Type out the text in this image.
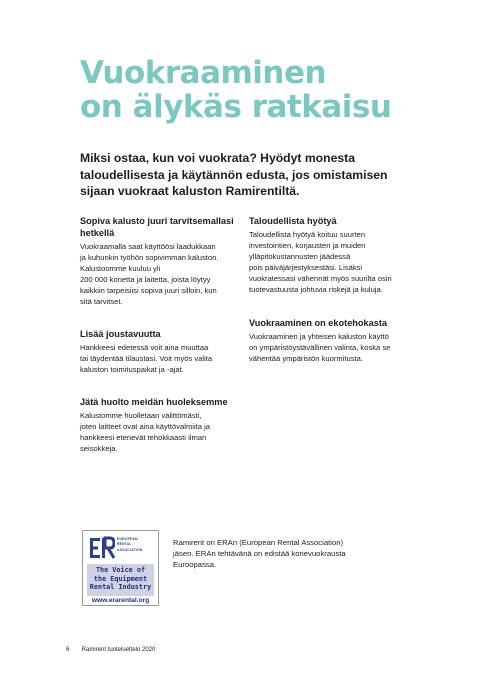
Vuokraaminen
on älykäs ratkaisu

Miksi ostaa, kun voi vuokrata? Hyödyt monesta taloudellisesta ja käytännön edusta, jos omistamisen sijaan vuokraat kaluston Ramirentiltä.

Sopiva kalusto juuri tarvitsemallasi hetkellä

Vuokraamalla saat käyttöösi laadukkaan
ja kuhunkin työhön sopivimman kaluston.
Kalustoomme kuuluu yli
200 000 konetta ja laitetta, joista löytyy
kaikkiin tarpeisiisi sopiva juuri silloin, kun
sitä tarvitset.

Lisää joustavuutta

Hankkeesi edetessä voit aina muuttaa
tai täydentää tilaustasi. Voit myös valita
kaluston toimituspaikat ja -ajat.

Jätä huolto meidän huoleksemme

Kalustomme huolletaan välittömästi,
joten laitteet ovat aina käyttövalmiita ja
hankkeesi etenevät tehokkaasti ilman
seisokkeja.

Taloudellista hyötyä

Taloudellista hyötyä koituu suurten
investointien, korjausten ja muiden
ylläpitokustannusten jäädessä
pois päiväjärjestyksestäsi. Lisäksi
vuokratessasi vähennät myös suurilta osin
tuotevastuusta johtuvia riskejä ja kuluja.

Vuokraaminen on ekotehokasta

Vuokraaminen ja yhteisen kaluston käyttö
on ympäristöystävällinen valinta, koska se
vähentää ympäristön kuormitusta.

EUROPEAN
RENTAL
ASSOCIATION
The Voice of
the Equipment
Rental Industry
www.erarental.org

Ramirent on ERAn (European Rental Association) jäsen. ERAn tehtävänä on edistää konevuokrausta Euroopassa.

6 Ramirent tuoteluettelo 2020
